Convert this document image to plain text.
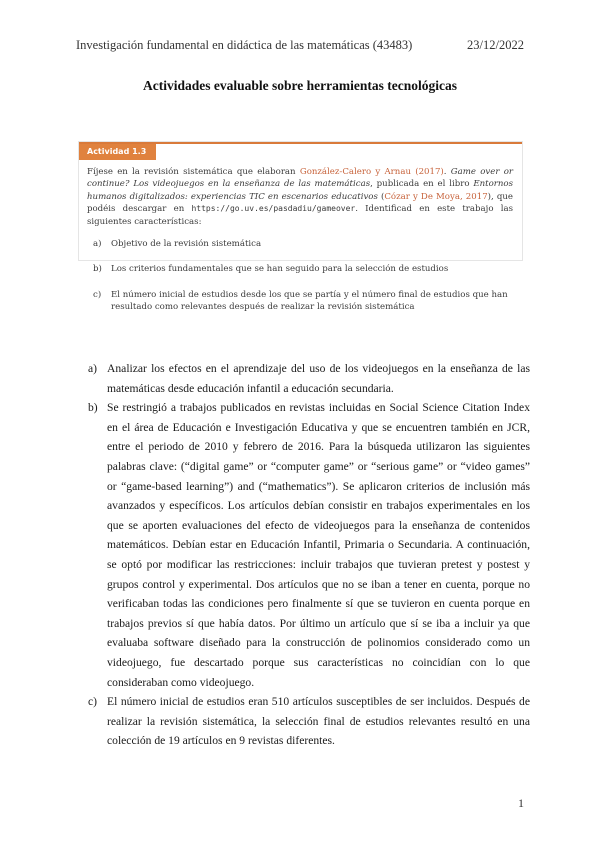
Investigación fundamental en didáctica de las matemáticas (43483)	23/12/2022
Actividades evaluable sobre herramientas tecnológicas
Actividad 1.3

Fíjese en la revisión sistemática que elaboran González-Calero y Arnau (2017). Game over or continue? Los videojuegos en la enseñanza de las matemáticas, publicada en el libro Entornos humanos digitalizados: experiencias TIC en escenarios educativos (Cózar y De Moya, 2017), que podéis descargar en https://go.uv.es/pasdadiu/gameover. Identificad en este trabajo las siguientes características:

a)	Objetivo de la revisión sistemática
b)	Los criterios fundamentales que se han seguido para la selección de estudios
c)	El número inicial de estudios desde los que se partía y el número final de estudios que han resultado como relevantes después de realizar la revisión sistemática
a) Analizar los efectos en el aprendizaje del uso de los videojuegos en la enseñanza de las matemáticas desde educación infantil a educación secundaria.
b) Se restringió a trabajos publicados en revistas incluidas en Social Science Citation Index en el área de Educación e Investigación Educativa y que se encuentren también en JCR, entre el periodo de 2010 y febrero de 2016. Para la búsqueda utilizaron las siguientes palabras clave: (“digital game” or “computer game” or “serious game” or “video games” or “game-based learning”) and (“mathematics”). Se aplicaron criterios de inclusión más avanzados y específicos. Los artículos debían consistir en trabajos experimentales en los que se aporten evaluaciones del efecto de videojuegos para la enseñanza de contenidos matemáticos. Debían estar en Educación Infantil, Primaria o Secundaria. A continuación, se optó por modificar las restricciones: incluir trabajos que tuvieran pretest y postest y grupos control y experimental. Dos artículos que no se iban a tener en cuenta, porque no verificaban todas las condiciones pero finalmente sí que se tuvieron en cuenta porque en trabajos previos sí que había datos. Por último un artículo que sí se iba a incluir ya que evaluaba software diseñado para la construcción de polinomios considerado como un videojuego, fue descartado porque sus características no coincidían con lo que consideraban como videojuego.
c) El número inicial de estudios eran 510 artículos susceptibles de ser incluidos. Después de realizar la revisión sistemática, la selección final de estudios relevantes resultó en una colección de 19 artículos en 9 revistas diferentes.
1
